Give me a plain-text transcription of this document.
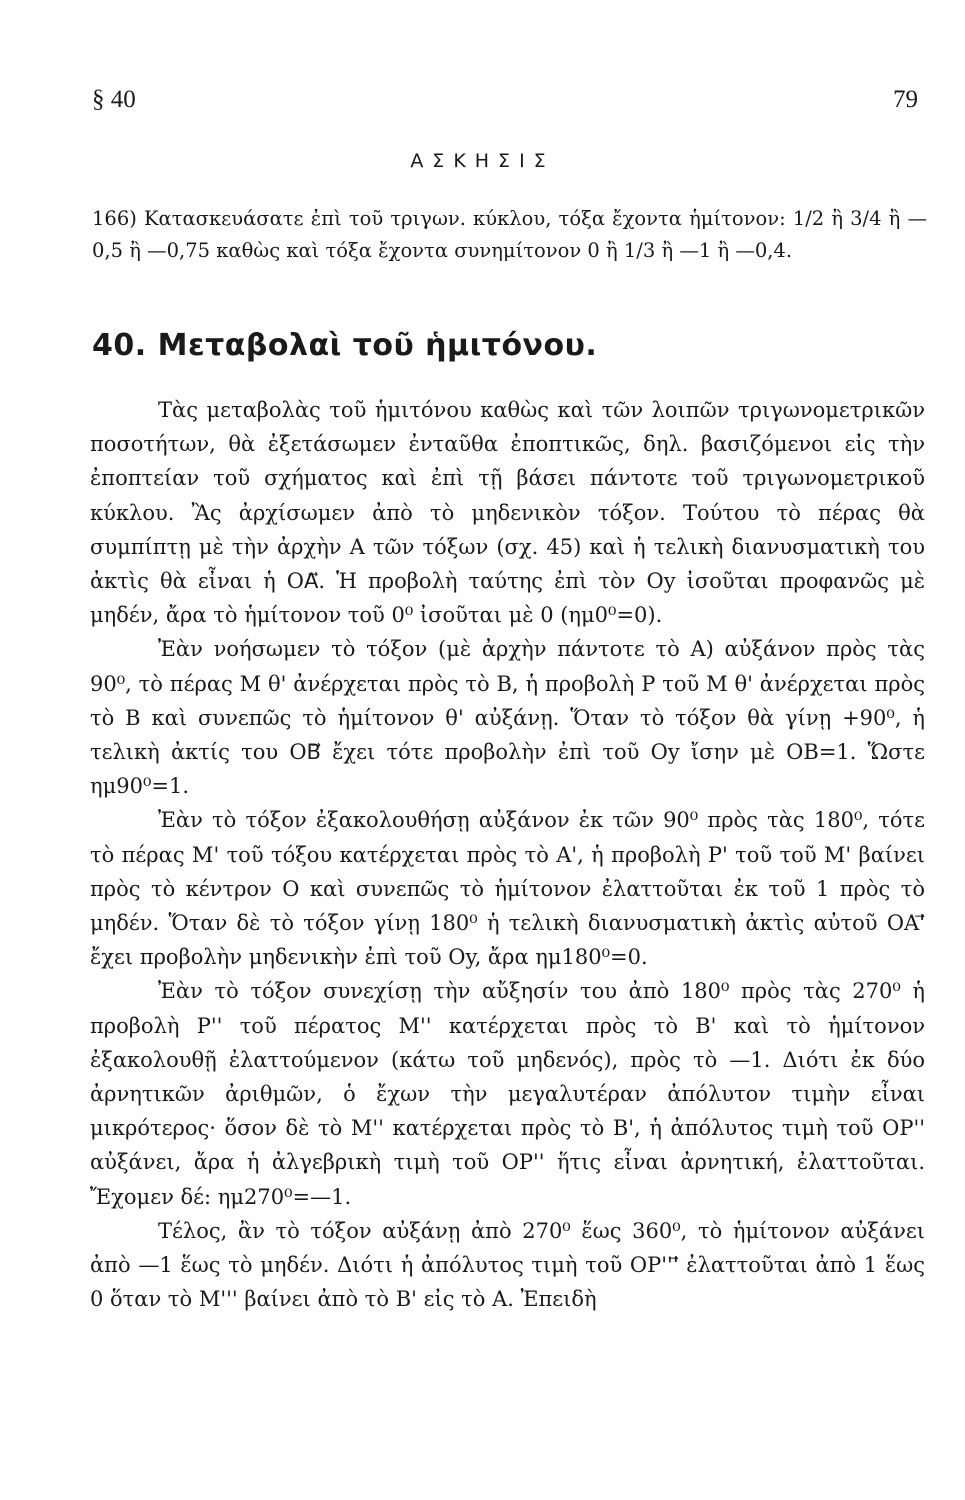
§ 40	79
ΑΣΚΗΣΙΣ
166) Κατασκευάσατε ἐπὶ τοῦ τριγων. κύκλου, τόξα ἔχοντα ἡμίτονον: 1/2 ἢ 3/4 ἢ —0,5 ἢ —0,75 καθὼς καὶ τόξα ἔχοντα συνημίτονον 0 ἢ 1/3 ἢ —1 ἢ —0,4.
40. Μεταβολαὶ τοῦ ἡμιτόνου.

Τὰς μεταβολὰς τοῦ ἡμιτόνου καθὼς καὶ τῶν λοιπῶν τριγωνομετρικῶν ποσοτήτων, θὰ ἐξετάσωμεν ἐνταῦθα ἐποπτικῶς, δηλ. βασιζόμενοι εἰς τὴν ἐποπτείαν τοῦ σχήματος καὶ ἐπὶ τῇ βάσει πάντοτε τοῦ τριγωνομετρικοῦ κύκλου. Ἂς ἀρχίσωμεν ἀπὸ τὸ μηδενικὸν τόξον. Τούτου τὸ πέρας θὰ συμπίπτῃ μὲ τὴν ἀρχὴν Α τῶν τόξων (σχ. 45) καὶ ἡ τελικὴ διανυσματικὴ του ἀκτὶς θὰ εἶναι ἡ ΟΑ⃗. Ἡ προβολὴ ταύτης ἐπὶ τὸν Οy ἰσοῦται προφανῶς μὲ μηδέν, ἄρα τὸ ἡμίτονον τοῦ 0⁰ ἰσοῦται μὲ 0 (ημ0⁰=0).

Ἐὰν νοήσωμεν τὸ τόξον (μὲ ἀρχὴν πάντοτε τὸ Α) αὐξάνον πρὸς τὰς 90⁰, τὸ πέρας Μ θ' ἀνέρχεται πρὸς τὸ Β, ἡ προβολὴ Ρ τοῦ Μ θ' ἀνέρχεται πρὸς τὸ Β καὶ συνεπῶς τὸ ἡμίτονον θ' αὐξάνῃ. Ὅταν τὸ τόξον θὰ γίνῃ +90⁰, ἡ τελικὴ ἀκτίς του ΟΒ⃗ ἔχει τότε προβολὴν ἐπὶ τοῦ Οy ἴσην μὲ ΟΒ=1. Ὥστε ημ90⁰=1.

Ἐὰν τὸ τόξον ἐξακολουθήσῃ αὐξάνον ἐκ τῶν 90⁰ πρὸς τὰς 180⁰, τότε τὸ πέρας Μ' τοῦ τόξου κατέρχεται πρὸς τὸ Α', ἡ προβολὴ Ρ' τοῦ τοῦ Μ' βαίνει πρὸς τὸ κέντρον Ο καὶ συνεπῶς τὸ ἡμίτονον ἐλαττοῦται ἐκ τοῦ 1 πρὸς τὸ μηδέν. Ὅταν δὲ τὸ τόξον γίνῃ 180⁰ ἡ τελικὴ διανυσματικὴ ἀκτὶς αὐτοῦ ΟΑ'⃗ ἔχει προβολὴν μηδενικὴν ἐπὶ τοῦ Οy, ἄρα ημ180⁰=0.

Ἐὰν τὸ τόξον συνεχίσῃ τὴν αὔξησίν του ἀπὸ 180⁰ πρὸς τὰς 270⁰ ἡ προβολὴ Ρ'' τοῦ πέρατος Μ'' κατέρχεται πρὸς τὸ Β' καὶ τὸ ἡμίτονον ἐξακολουθῇ ἐλαττούμενον (κάτω τοῦ μηδενός), πρὸς τὸ —1. Διότι ἐκ δύο ἀρνητικῶν ἀριθμῶν, ὁ ἔχων τὴν μεγαλυτέραν ἀπόλυτον τιμὴν εἶναι μικρότερος· ὅσον δὲ τὸ Μ'' κατέρχεται πρὸς τὸ Β', ἡ ἀπόλυτος τιμὴ τοῦ ΟΡ'' αὐξάνει, ἄρα ἡ ἀλγεβρικὴ τιμὴ τοῦ ΟΡ'' ἥτις εἶναι ἀρνητική, ἐλαττοῦται. Ἔχομεν δέ: ημ270⁰=—1.

Τέλος, ἂν τὸ τόξον αὐξάνῃ ἀπὸ 270⁰ ἕως 360⁰, τὸ ἡμίτονον αὐξάνει ἀπὸ —1 ἕως τὸ μηδέν. Διότι ἡ ἀπόλυτος τιμὴ τοῦ ΟΡ'''⃗ ἐλαττοῦται ἀπὸ 1 ἕως 0 ὅταν τὸ Μ''' βαίνει ἀπὸ τὸ Β' εἰς τὸ Α. Ἐπειδὴ
